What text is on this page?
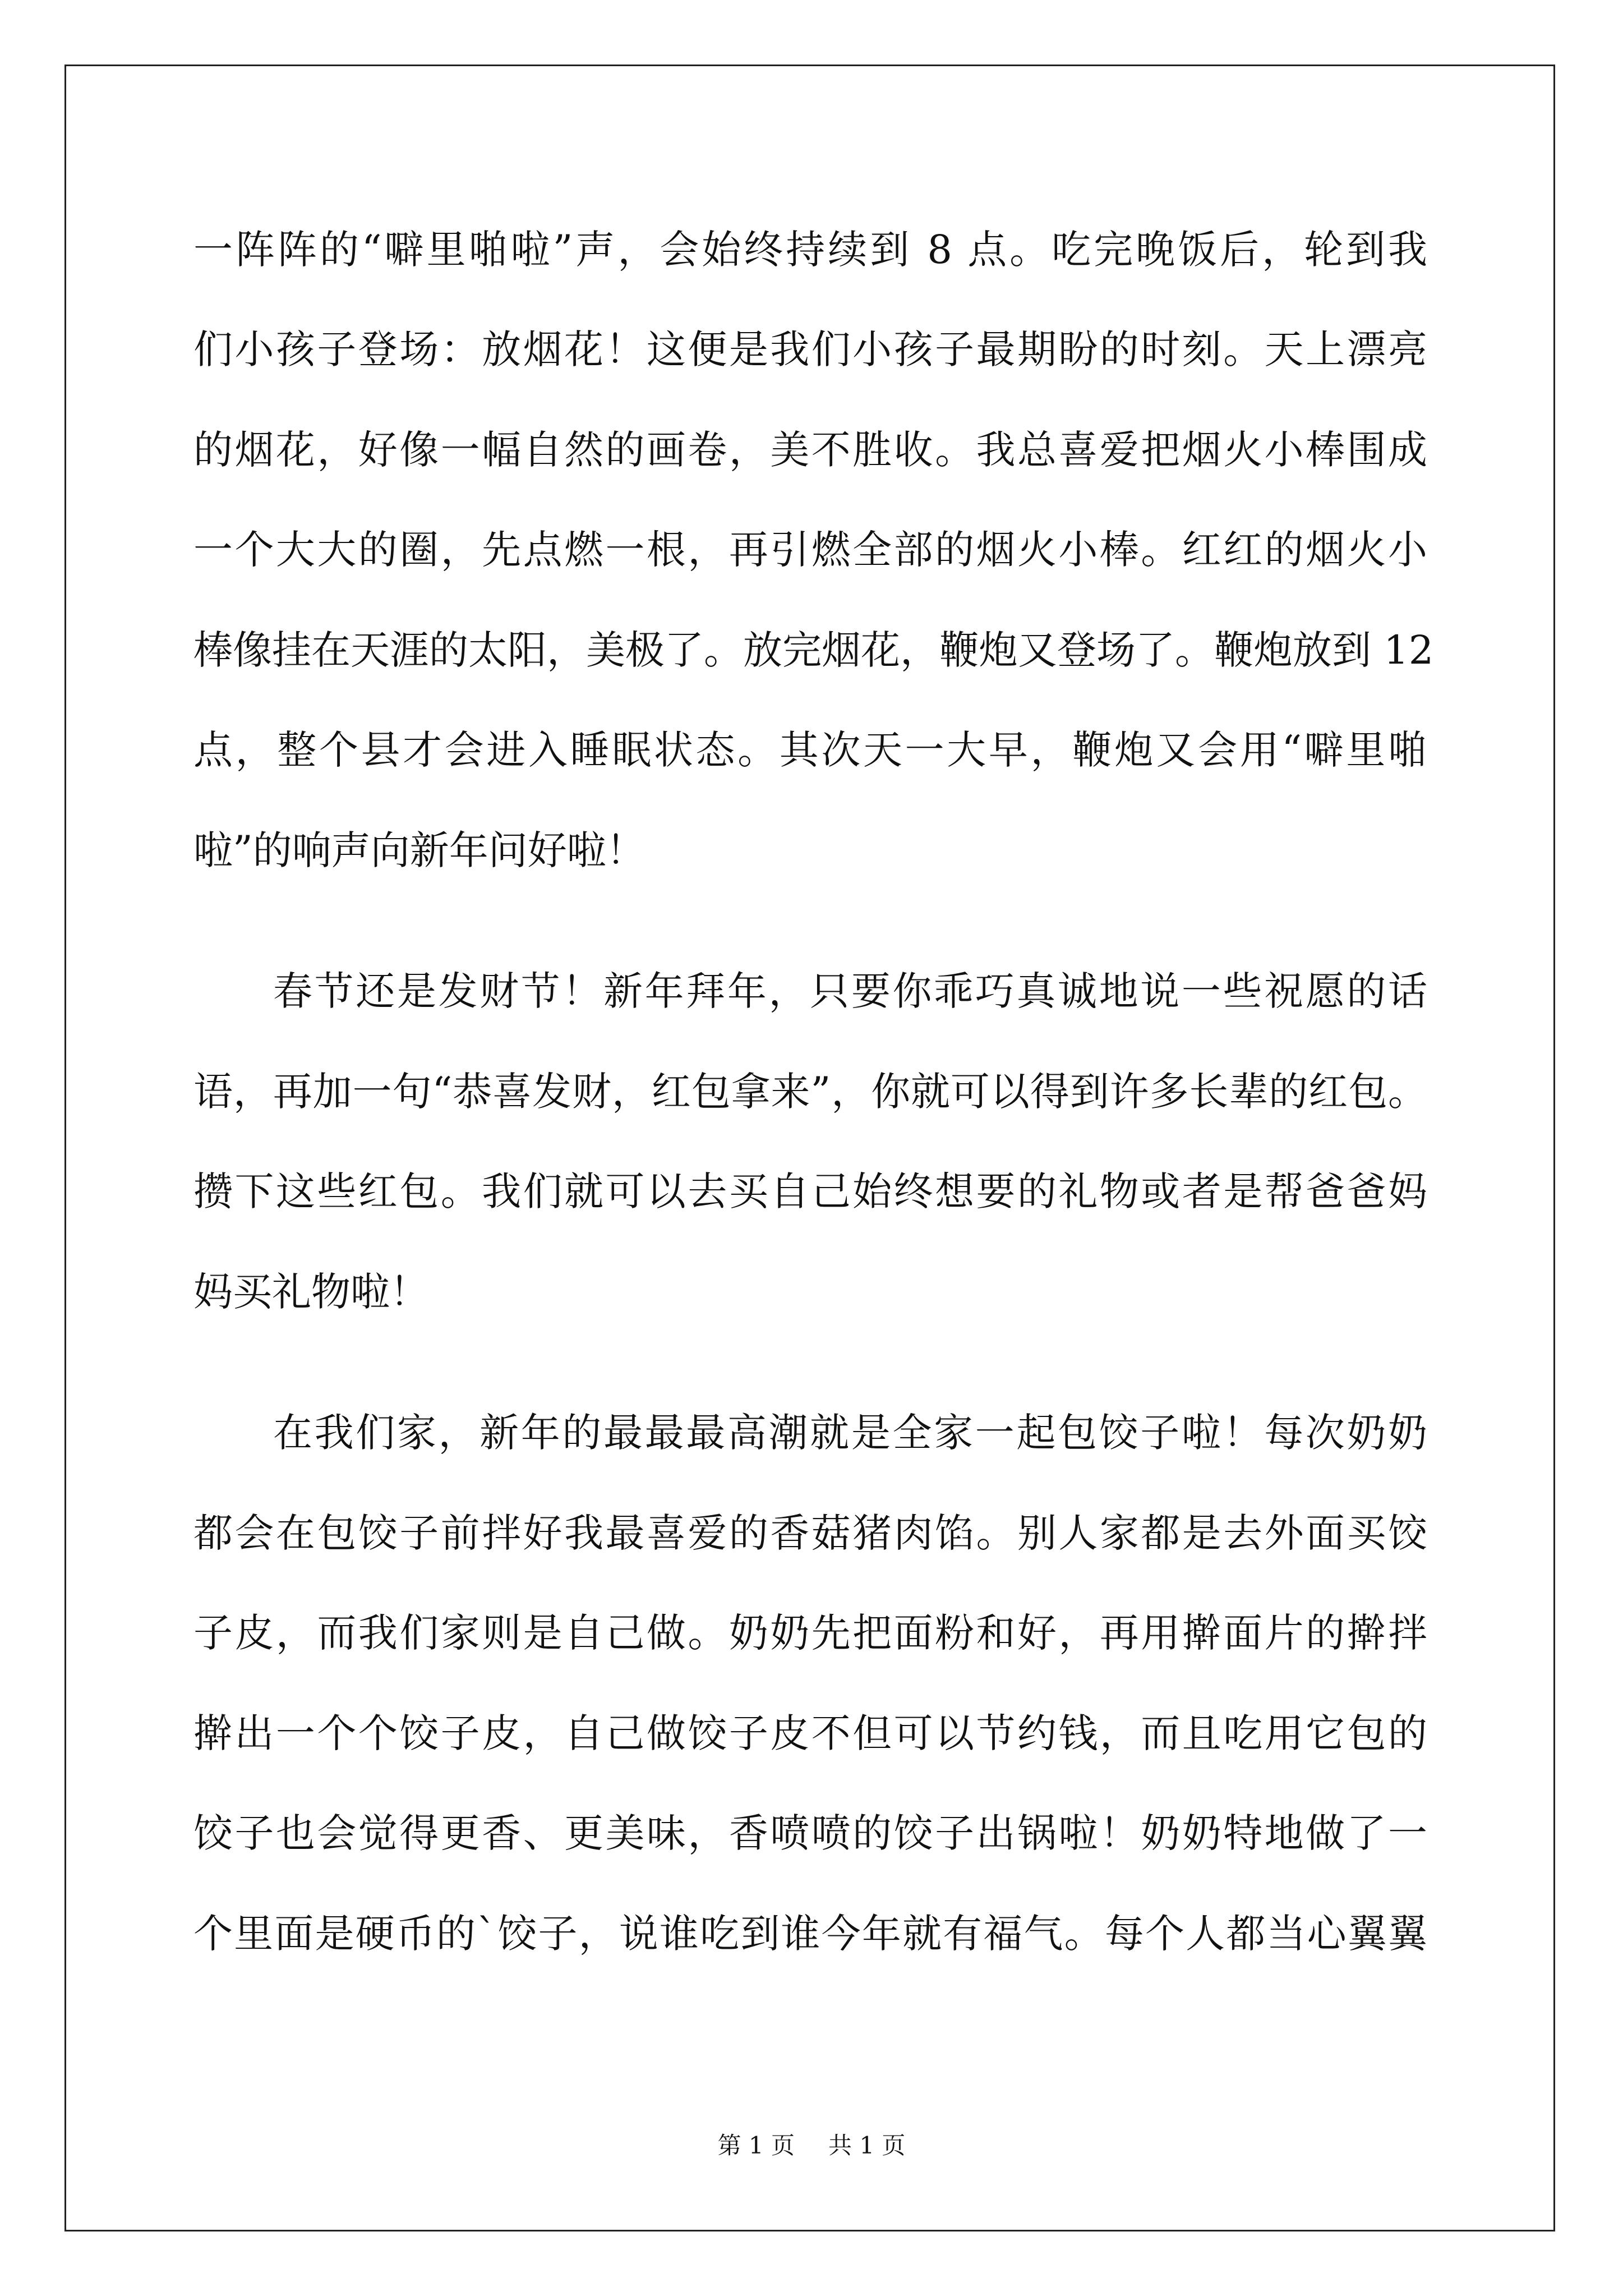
一阵阵的“噼里啪啦”声，会始终持续到 8 点。吃完晚饭后，轮到我
们小孩子登场：放烟花！这便是我们小孩子最期盼的时刻。天上漂亮
的烟花，好像一幅自然的画卷，美不胜收。我总喜爱把烟火小棒围成
一个大大的圈，先点燃一根，再引燃全部的烟火小棒。红红的烟火小
棒像挂在天涯的太阳，美极了。放完烟花，鞭炮又登场了。鞭炮放到 12
点，整个县才会进入睡眠状态。其次天一大早，鞭炮又会用“噼里啪
啦”的响声向新年问好啦！
春节还是发财节！新年拜年，只要你乖巧真诚地说一些祝愿的话
语，再加一句“恭喜发财，红包拿来”，你就可以得到许多长辈的红包。
攒下这些红包。我们就可以去买自己始终想要的礼物或者是帮爸爸妈
妈买礼物啦！
在我们家，新年的最最最高潮就是全家一起包饺子啦！每次奶奶
都会在包饺子前拌好我最喜爱的香菇猪肉馅。别人家都是去外面买饺
子皮，而我们家则是自己做。奶奶先把面粉和好，再用擀面片的擀拌
擀出一个个饺子皮，自己做饺子皮不但可以节约钱，而且吃用它包的
饺子也会觉得更香、更美味，香喷喷的饺子出锅啦！奶奶特地做了一
个里面是硬币的`饺子，说谁吃到谁今年就有福气。每个人都当心翼翼
第 1 页 共 1 页
